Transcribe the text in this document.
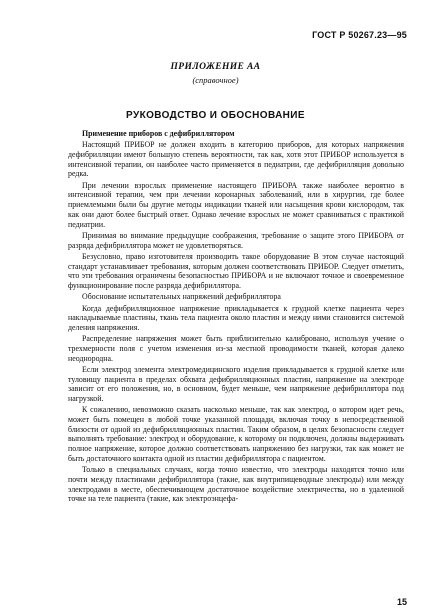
ГОСТ Р 50267.23—95
ПРИЛОЖЕНИЕ АА
(справочное)
РУКОВОДСТВО И ОБОСНОВАНИЕ

Применение приборов с дефибриллятором

Настоящий ПРИБОР не должен входить в категорию приборов, для которых напряжения дефибрилляции имеют большую степень вероятности, так как, хотя этот ПРИБОР используется в интенсивной терапии, он наиболее часто применяется в педиатрии, где дефибрилляция довольно редка.

При лечении взрослых применение настоящего ПРИБОРА также наиболее вероятно в интенсивной терапии, чем при лечении коронарных заболеваний, или в хирургии, где более приемлемыми были бы другие методы индикации тканей или насыщения крови кислородом, так как они дают более быстрый ответ. Однако лечение взрослых не может сравниваться с практикой педиатрии.

Принимая во внимание предыдущие соображения, требование о защите этого ПРИБОРА от разряда дефибриллятора может не удовлетворяться.

Безусловно, право изготовителя производить такое оборудование В этом случае настоящий стандарт устанавливает требования, которым должен соответствовать ПРИБОР. Следует отметить, что эти требования ограничены безопасностью ПРИБОРА и не включают точное и своевременное функционирование после разряда дефибриллятора.

Обоснование испытательных напряжений дефибриллятора

Когда дефибрилляционное напряжение прикладывается к грудной клетке пациента через накладываемые пластины, ткань тела пациента около пластин и между ними становится системой деления напряжения.

Распределение напряжения может быть приблизительно калибровано, используя учение о трехмерности поля с учетом изменения из-за местной проводимости тканей, которая далеко неоднородна.

Если электрод элемента электромедицинского изделия прикладывается к грудной клетке или туловищу пациента в пределах обхвата дефибрилляционных пластин, напряжение на электроде зависит от его положения, но, в основном, будет меньше, чем напряжение дефибриллятора под нагрузкой.

К сожалению, невозможно сказать насколько меньше, так как электрод, о котором идет речь, может быть помещен в любой точке указанной площади, включая точку в непосредственной близости от одной из дефибрилляционных пластин. Таким образом, в целях безопасности следует выполнять требование: электрод и оборудование, к которому он подключен, должны выдерживать полное напряжение, которое должно соответствовать напряжению без нагрузки, так как может не быть достаточного контакта одной из пластин дефибриллятора с пациентом.

Только в специальных случаях, когда точно известно, что электроды находятся точно или почти между пластинами дефибриллятора (такие, как внутрипищеводные электроды) или между электродами в месте, обеспечивающем достаточное воздействие электричества, но в удаленной точке на теле пациента (такие, как электроэнцефа-

15
